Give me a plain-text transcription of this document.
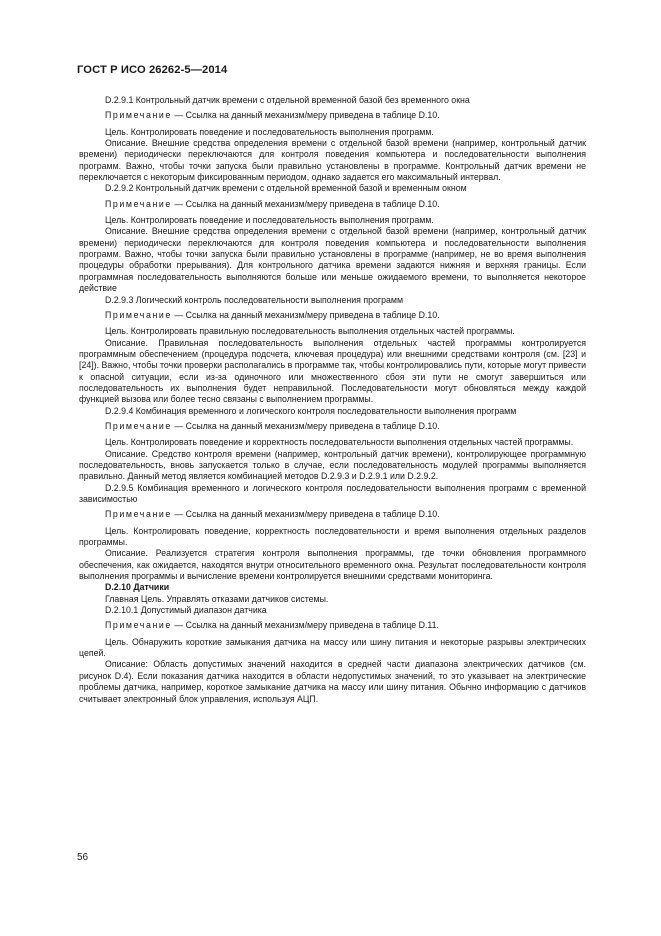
ГОСТ Р ИСО 26262-5—2014

D.2.9.1 Контрольный датчик времени с отдельной временной базой без временного окна

Примечание — Ссылка на данный механизм/меру приведена в таблице D.10.

Цель. Контролировать поведение и последовательность выполнения программ.

Описание. Внешние средства определения времени с отдельной базой времени (например, контрольный датчик времени) периодически переключаются для контроля поведения компьютера и последовательности выполнения программ. Важно, чтобы точки запуска были правильно установлены в программе. Контрольный датчик времени не переключается с некоторым фиксированным периодом, однако задается его максимальный интервал.

D.2.9.2 Контрольный датчик времени с отдельной временной базой и временным окном

Примечание — Ссылка на данный механизм/меру приведена в таблице D.10.

Цель. Контролировать поведение и последовательность выполнения программ.

Описание. Внешние средства определения времени с отдельной базой времени (например, контрольный датчик времени) периодически переключаются для контроля поведения компьютера и последовательности выполнения программ. Важно, чтобы точки запуска были правильно установлены в программе (например, не во время выполнения процедуры обработки прерывания). Для контрольного датчика времени задаются нижняя и верхняя границы. Если программная последовательность выполняются больше или меньше ожидаемого времени, то выполняется некоторое действие

D.2.9.3 Логический контроль последовательности выполнения программ

Примечание — Ссылка на данный механизм/меру приведена в таблице D.10.

Цель. Контролировать правильную последовательность выполнения отдельных частей программы.

Описание. Правильная последовательность выполнения отдельных частей программы контролируется программным обеспечением (процедура подсчета, ключевая процедура) или внешними средствами контроля (см. [23] и [24]). Важно, чтобы точки проверки располагались в программе так, чтобы контролировались пути, которые могут привести к опасной ситуации, если из-за одиночного или множественного сбоя эти пути не смогут завершиться или последовательность их выполнения будет неправильной. Последовательности могут обновляться между каждой функцией вызова или более тесно связаны с выполнением программы.

D.2.9.4 Комбинация временного и логического контроля последовательности выполнения программ

Примечание — Ссылка на данный механизм/меру приведена в таблице D.10.

Цель. Контролировать поведение и корректность последовательности выполнения отдельных частей программы.

Описание. Средство контроля времени (например, контрольный датчик времени), контролирующее программную последовательность, вновь запускается только в случае, если последовательность модулей программы выполняется правильно. Данный метод является комбинацией методов D.2.9.3 и D.2.9.1 или D.2.9.2.

D.2.9.5 Комбинация временного и логического контроля последовательности выполнения программ с временной зависимостью

Примечание — Ссылка на данный механизм/меру приведена в таблице D.10.

Цель. Контролировать поведение, корректность последовательности и время выполнения отдельных разделов программы.

Описание. Реализуется стратегия контроля выполнения программы, где точки обновления программного обеспечения, как ожидается, находятся внутри относительного временного окна. Результат последовательности контроля выполнения программы и вычисление времени контролируется внешними средствами мониторинга.

D.2.10 Датчики

Главная Цель. Управлять отказами датчиков системы.

D.2.10.1 Допустимый диапазон датчика

Примечание — Ссылка на данный механизм/меру приведена в таблице D.11.

Цель. Обнаружить короткие замыкания датчика на массу или шину питания и некоторые разрывы электрических цепей.

Описание: Область допустимых значений находится в средней части диапазона электрических датчиков (см. рисунок D.4). Если показания датчика находится в области недопустимых значений, то это указывает на электрические проблемы датчика, например, короткое замыкание датчика на массу или шину питания. Обычно информацию с датчиков считывает электронный блок управления, используя АЦП.

56
